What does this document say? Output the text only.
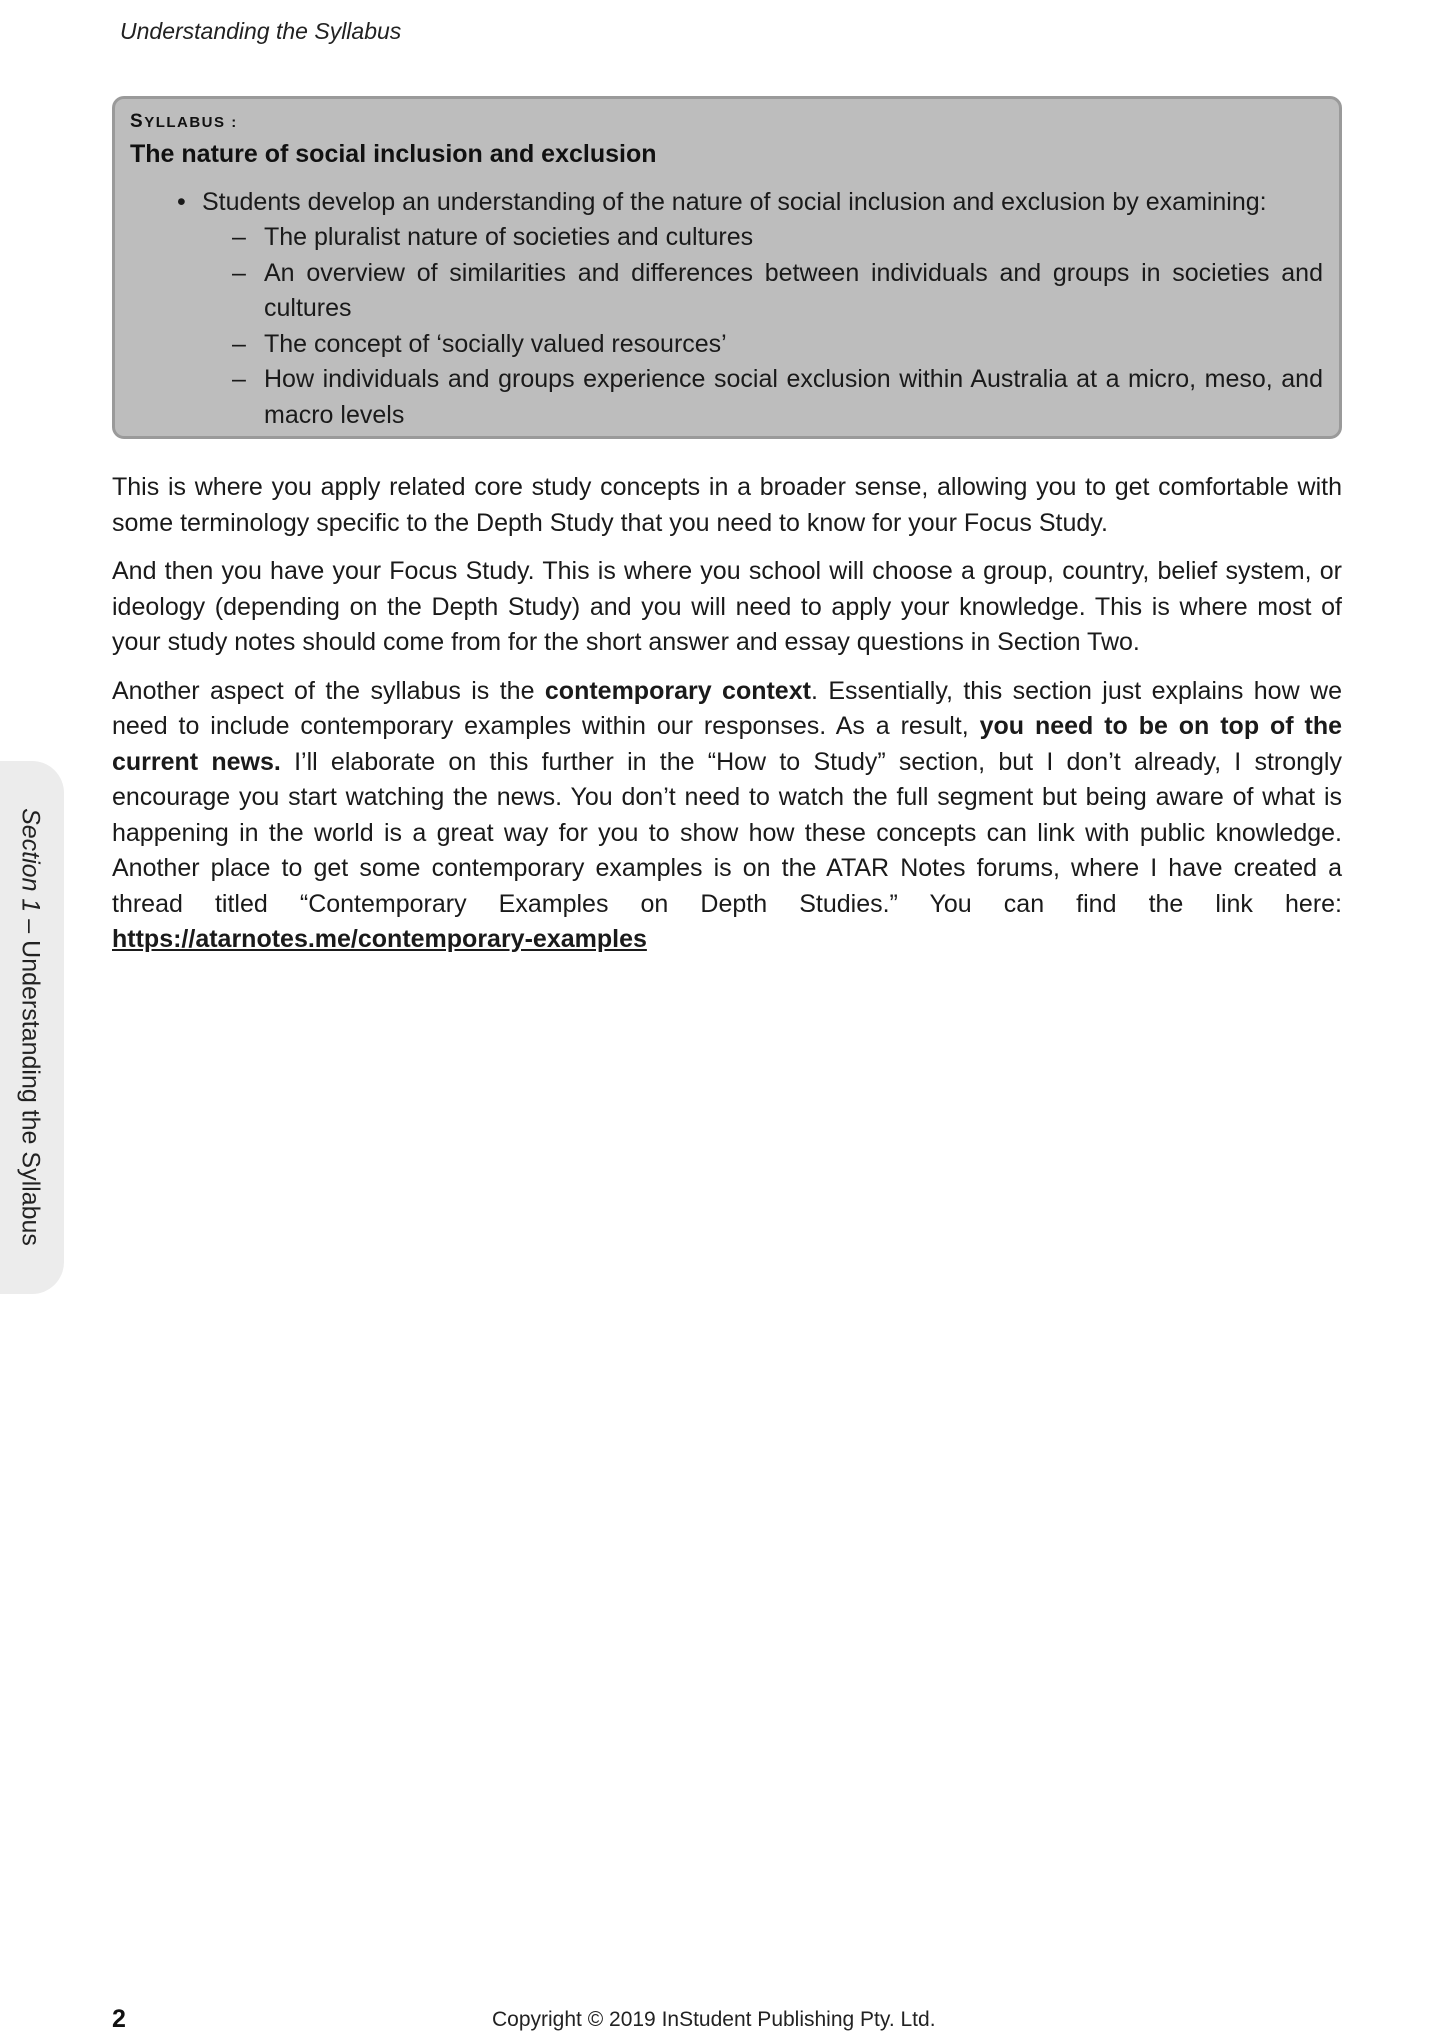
Understanding the Syllabus
SYLLABUS :
The nature of social inclusion and exclusion
• Students develop an understanding of the nature of social inclusion and exclusion by examining:
– The pluralist nature of societies and cultures
– An overview of similarities and differences between individuals and groups in societies and cultures
– The concept of ‘socially valued resources’
– How individuals and groups experience social exclusion within Australia at a micro, meso, and macro levels

This is where you apply related core study concepts in a broader sense, allowing you to get comfortable with some terminology specific to the Depth Study that you need to know for your Focus Study.

And then you have your Focus Study. This is where you school will choose a group, country, belief system, or ideology (depending on the Depth Study) and you will need to apply your knowledge. This is where most of your study notes should come from for the short answer and essay questions in Section Two.

Another aspect of the syllabus is the contemporary context. Essentially, this section just explains how we need to include contemporary examples within our responses. As a result, you need to be on top of the current news. I’ll elaborate on this further in the “How to Study” section, but I don’t already, I strongly encourage you start watching the news. You don’t need to watch the full segment but being aware of what is happening in the world is a great way for you to show how these concepts can link with public knowledge. Another place to get some contemporary examples is on the ATAR Notes forums, where I have created a thread titled “Contemporary Examples on Depth Studies.” You can find the link here: https://atarnotes.me/contemporary-examples

Section 1 – Understanding the Syllabus
2	Copyright © 2019 InStudent Publishing Pty. Ltd.
